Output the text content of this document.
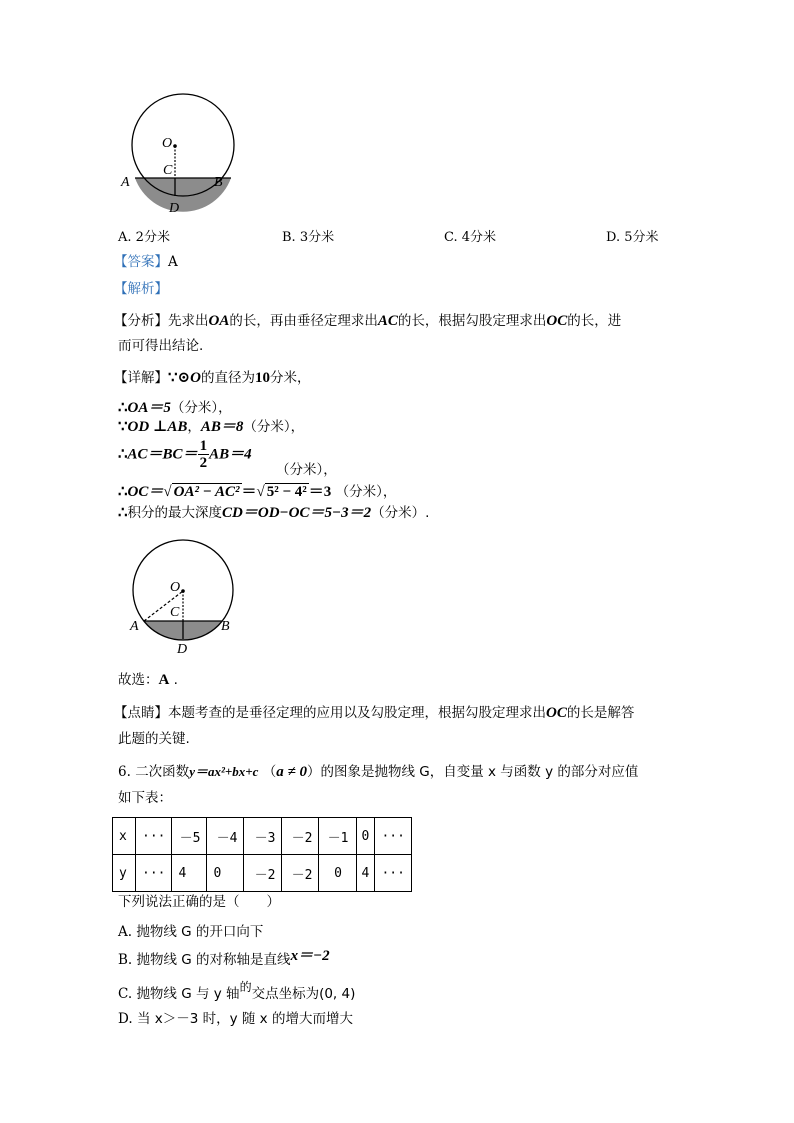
O
C
A	B
D
A. 2分米	B. 3分米	C. 4分米	D. 5分米
【答案】A
【解析】
【分析】先求出OA的长，再由垂径定理求出AC的长，根据勾股定理求出OC的长，进
而可得出结论.
【详解】∵⊙O的直径为10分米，
∴OA＝5（分米），
∵OD ⊥AB，AB＝8（分米），
∴AC＝BC＝ $\frac{1}{2} AB=4$
（分米），
∴OC＝√ OA² − AC² ＝√ 5² − 4² ＝3 （分米），
∴积分的最大深度CD＝OD−OC＝5−3＝2（分米）.
O
C
A	B
D
故选：A .
【点睛】本题考查的是垂径定理的应用以及勾股定理，根据勾股定理求出OC的长是解答
此题的关键.
6. 二次函数y＝ax²+bx+c （a ≠ 0）的图象是抛物线 G，自变量 x 与函数 y 的部分对应值
如下表：
x	···	－5	－4	－3	－2	－1	0	···
y	···	4	0	－2	－2	0	4	···
下列说法正确的是（　　）
A. 抛物线 G 的开口向下
B. 抛物线 G 的对称轴是直线x＝−2
C. 抛物线 G 与 y 轴的交点坐标为(0, 4)
D. 当 x＞－3 时，y 随 x 的增大而增大
